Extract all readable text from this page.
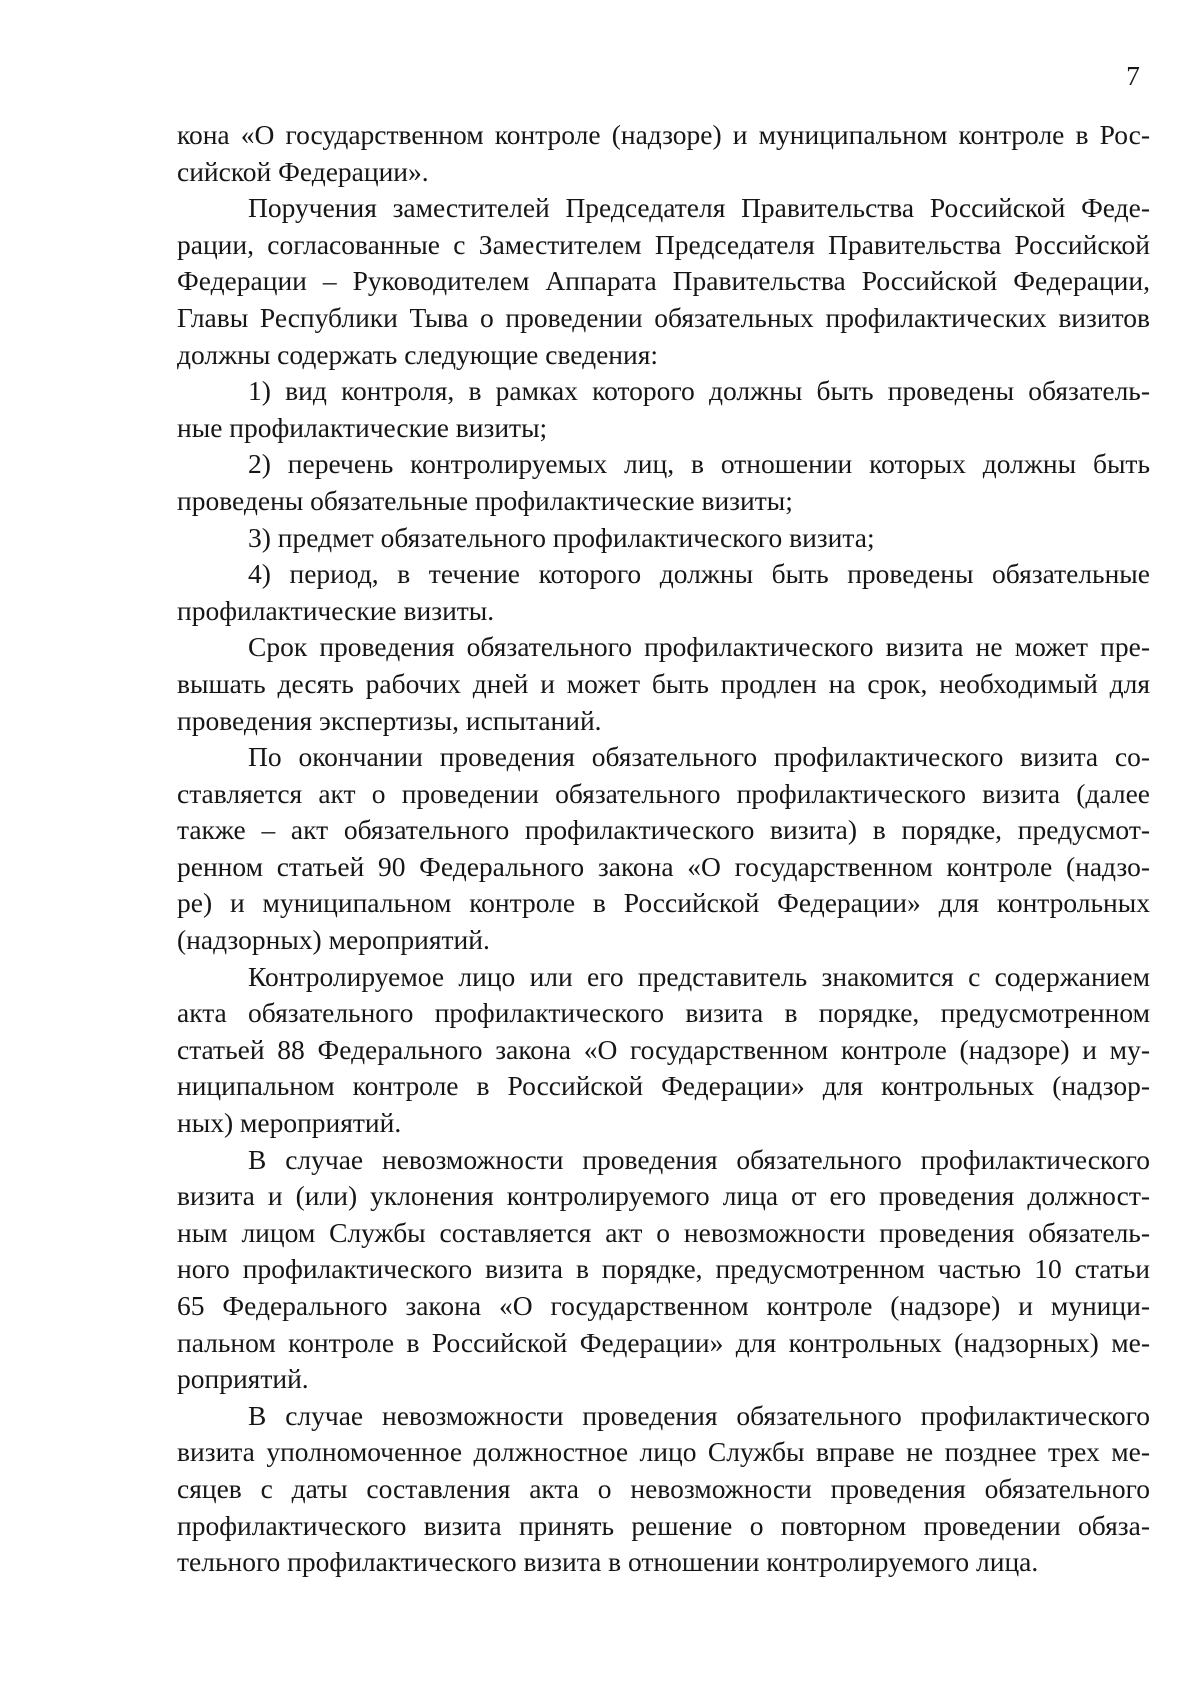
7
кона «О государственном контроле (надзоре) и муниципальном контроле в Рос-
сийской Федерации».
Поручения заместителей Председателя Правительства Российской Феде-
рации, согласованные с Заместителем Председателя Правительства Российской
Федерации – Руководителем Аппарата Правительства Российской Федерации,
Главы Республики Тыва о проведении обязательных профилактических визитов
должны содержать следующие сведения:
1) вид контроля, в рамках которого должны быть проведены обязатель-
ные профилактические визиты;
2) перечень контролируемых лиц, в отношении которых должны быть
проведены обязательные профилактические визиты;
3) предмет обязательного профилактического визита;
4) период, в течение которого должны быть проведены обязательные
профилактические визиты.
Срок проведения обязательного профилактического визита не может пре-
вышать десять рабочих дней и может быть продлен на срок, необходимый для
проведения экспертизы, испытаний.
По окончании проведения обязательного профилактического визита со-
ставляется акт о проведении обязательного профилактического визита (далее
также – акт обязательного профилактического визита) в порядке, предусмот-
ренном статьей 90 Федерального закона «О государственном контроле (надзо-
ре) и муниципальном контроле в Российской Федерации» для контрольных
(надзорных) мероприятий.
Контролируемое лицо или его представитель знакомится с содержанием
акта обязательного профилактического визита в порядке, предусмотренном
статьей 88 Федерального закона «О государственном контроле (надзоре) и му-
ниципальном контроле в Российской Федерации» для контрольных (надзор-
ных) мероприятий.
В случае невозможности проведения обязательного профилактического
визита и (или) уклонения контролируемого лица от его проведения должност-
ным лицом Службы составляется акт о невозможности проведения обязатель-
ного профилактического визита в порядке, предусмотренном частью 10 статьи
65 Федерального закона «О государственном контроле (надзоре) и муници-
пальном контроле в Российской Федерации» для контрольных (надзорных) ме-
роприятий.
В случае невозможности проведения обязательного профилактического
визита уполномоченное должностное лицо Службы вправе не позднее трех ме-
сяцев с даты составления акта о невозможности проведения обязательного
профилактического визита принять решение о повторном проведении обяза-
тельного профилактического визита в отношении контролируемого лица.
